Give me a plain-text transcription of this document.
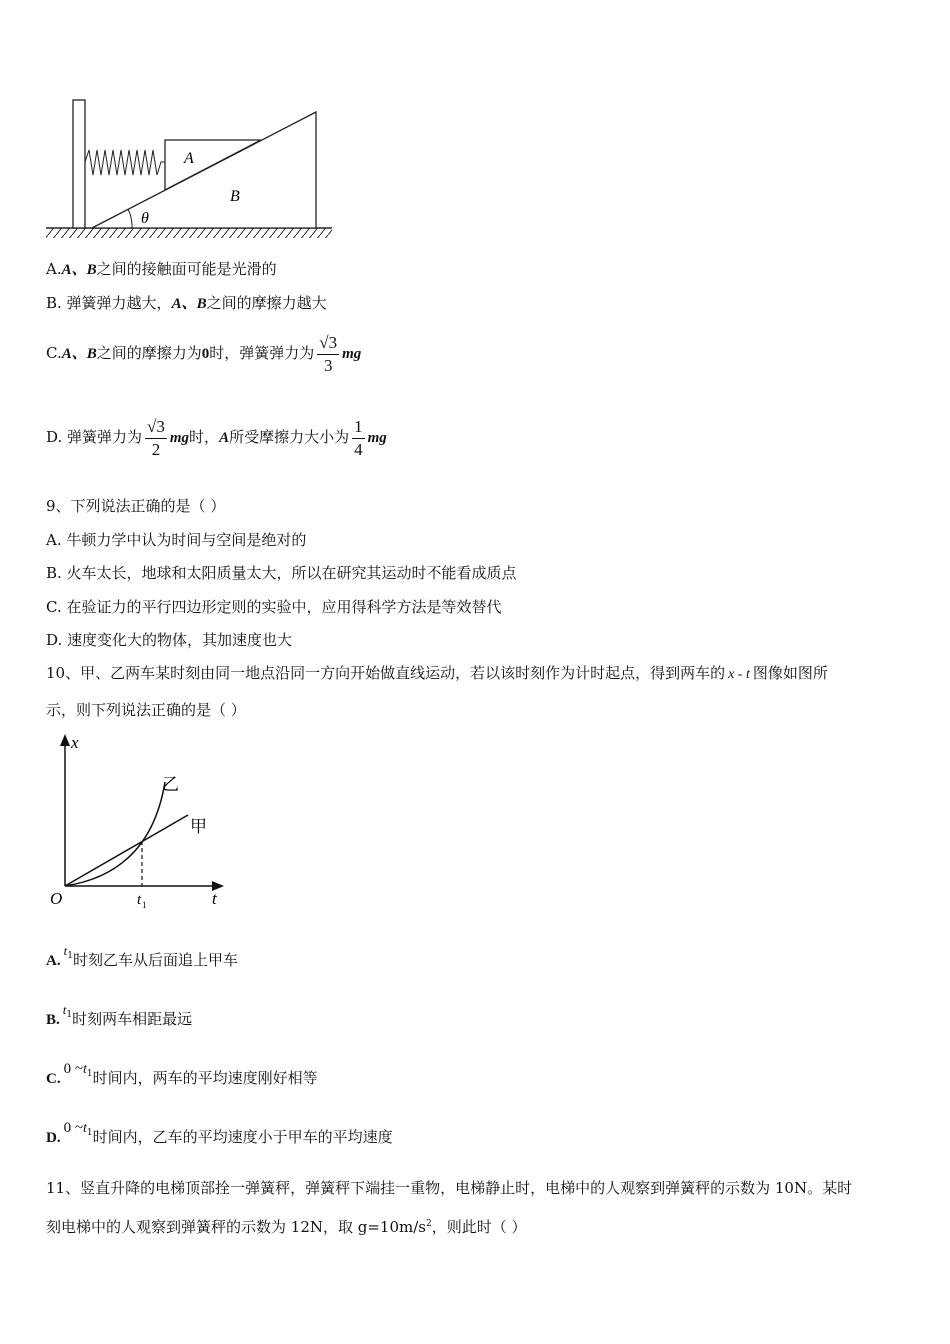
A
B
θ
A.A、B之间的接触面可能是光滑的
B. 弹簧弹力越大，A、B之间的摩擦力越大
C.A、B之间的摩擦力为0时，弹簧弹力为 $\frac{√3}{3}$ mg
D. 弹簧弹力为 $\frac{√3}{2}$ mg时，A所受摩擦力大小为 $\frac{1}{4}$ mg
9、下列说法正确的是（ ）
A. 牛顿力学中认为时间与空间是绝对的
B. 火车太长，地球和太阳质量太大，所以在研究其运动时不能看成质点
C. 在验证力的平行四边形定则的实验中，应用得科学方法是等效替代
D. 速度变化大的物体，其加速度也大
10、甲、乙两车某时刻由同一地点沿同一方向开始做直线运动，若以该时刻作为计时起点，得到两车的 x - t 图像如图所
示，则下列说法正确的是（ ）
x
t
O	t 1
乙
甲
$A.t^1$时刻乙车从后面追上甲车
$B.t^1$时刻两车相距最远
C.0 $\sim t^1$时间内，两车的平均速度刚好相等
D.0 $\sim t^1$时间内，乙车的平均速度小于甲车的平均速度
11、竖直升降的电梯顶部拴一弹簧秤，弹簧秤下端挂一重物，电梯静止时，电梯中的人观察到弹簧秤的示数为 10N。某时
刻电梯中的人观察到弹簧秤的示数为 12N，取 $g=10m/s^2$，则此时（ ）
